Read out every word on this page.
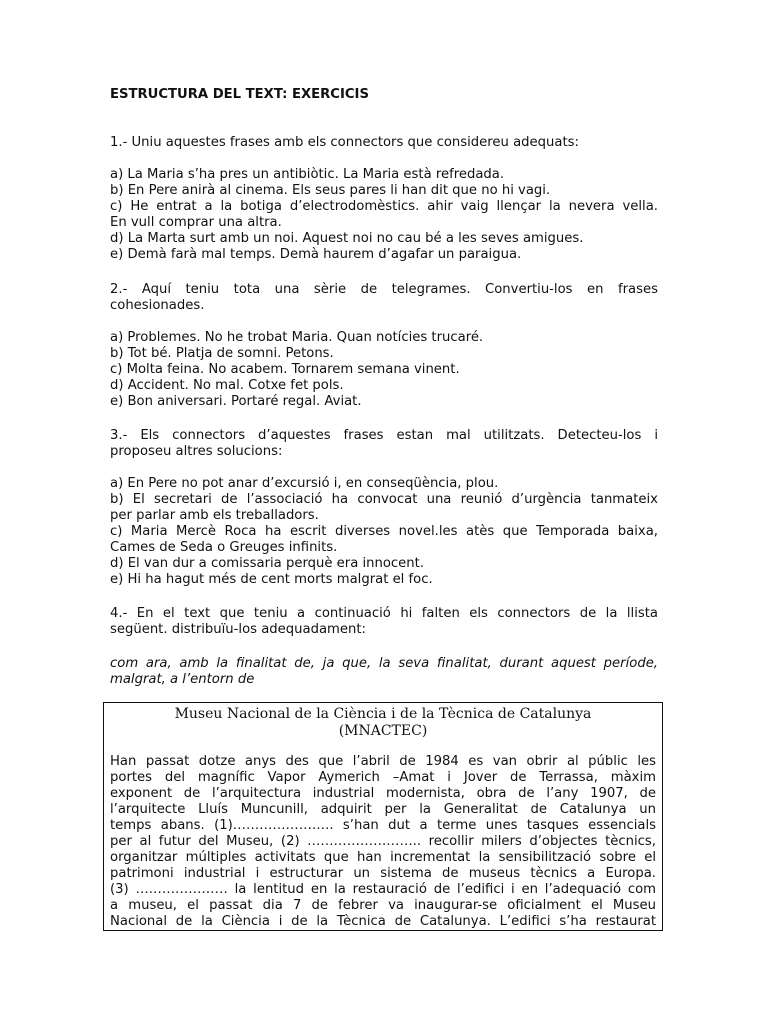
ESTRUCTURA DEL TEXT: EXERCICIS

1.- Uniu aquestes frases amb els connectors que considereu adequats:

a) La Maria s’ha pres un antibiòtic. La Maria està refredada.

b) En Pere anirà al cinema. Els seus pares li han dit que no hi vagi.

c) He entrat a la botiga d’electrodomèstics. ahir vaig llençar la nevera vella.

En vull comprar una altra.

d) La Marta surt amb un noi. Aquest noi no cau bé a les seves amigues.

e) Demà farà mal temps. Demà haurem d’agafar un paraigua.

2.- Aquí teniu tota una sèrie de telegrames. Convertiu-los en frases

cohesionades.

a) Problemes. No he trobat Maria. Quan notícies trucaré.

b) Tot bé. Platja de somni. Petons.

c) Molta feina. No acabem. Tornarem semana vinent.

d) Accident. No mal. Cotxe fet pols.

e) Bon aniversari. Portaré regal. Aviat.

3.- Els connectors d’aquestes frases estan mal utilitzats. Detecteu-los i

proposeu altres solucions:

a) En Pere no pot anar d’excursió i, en conseqüència, plou.

b) El secretari de l’associació ha convocat una reunió d’urgència tanmateix

per parlar amb els treballadors.

c) Maria Mercè Roca ha escrit diverses novel.les atès que Temporada baixa,

Cames de Seda o Greuges infinits.

d) El van dur a comissaria perquè era innocent.

e) Hi ha hagut més de cent morts malgrat el foc.

4.- En el text que teniu a continuació hi falten els connectors de la llista

següent. distribuïu-los adequadament:

com ara, amb la finalitat de, ja que, la seva finalitat, durant aquest període,

malgrat, a l’entorn de

Museu Nacional de la Ciència i de la Tècnica de Catalunya
(MNACTEC)
Han passat dotze anys des que l’abril de 1984 es van obrir al públic les
portes del magnífic Vapor Aymerich –Amat i Jover de Terrassa, màxim
exponent de l’arquitectura industrial modernista, obra de l’any 1907, de
l’arquitecte Lluís Muncunill, adquirit per la Generalitat de Catalunya un
temps abans. (1)………………….. s’han dut a terme unes tasques essencials
per al futur del Museu, (2) …………………….. recollir milers d’objectes tècnics,
organitzar múltiples activitats que han incrementat la sensibilització sobre el
patrimoni industrial i estructurar un sistema de museus tècnics a Europa.
(3) ………………… la lentitud en la restauració de l’edifici i en l’adequació com
a museu, el passat dia 7 de febrer va inaugurar-se oficialment el Museu
Nacional de la Ciència i de la Tècnica de Catalunya. L’edifici s’ha restaurat
